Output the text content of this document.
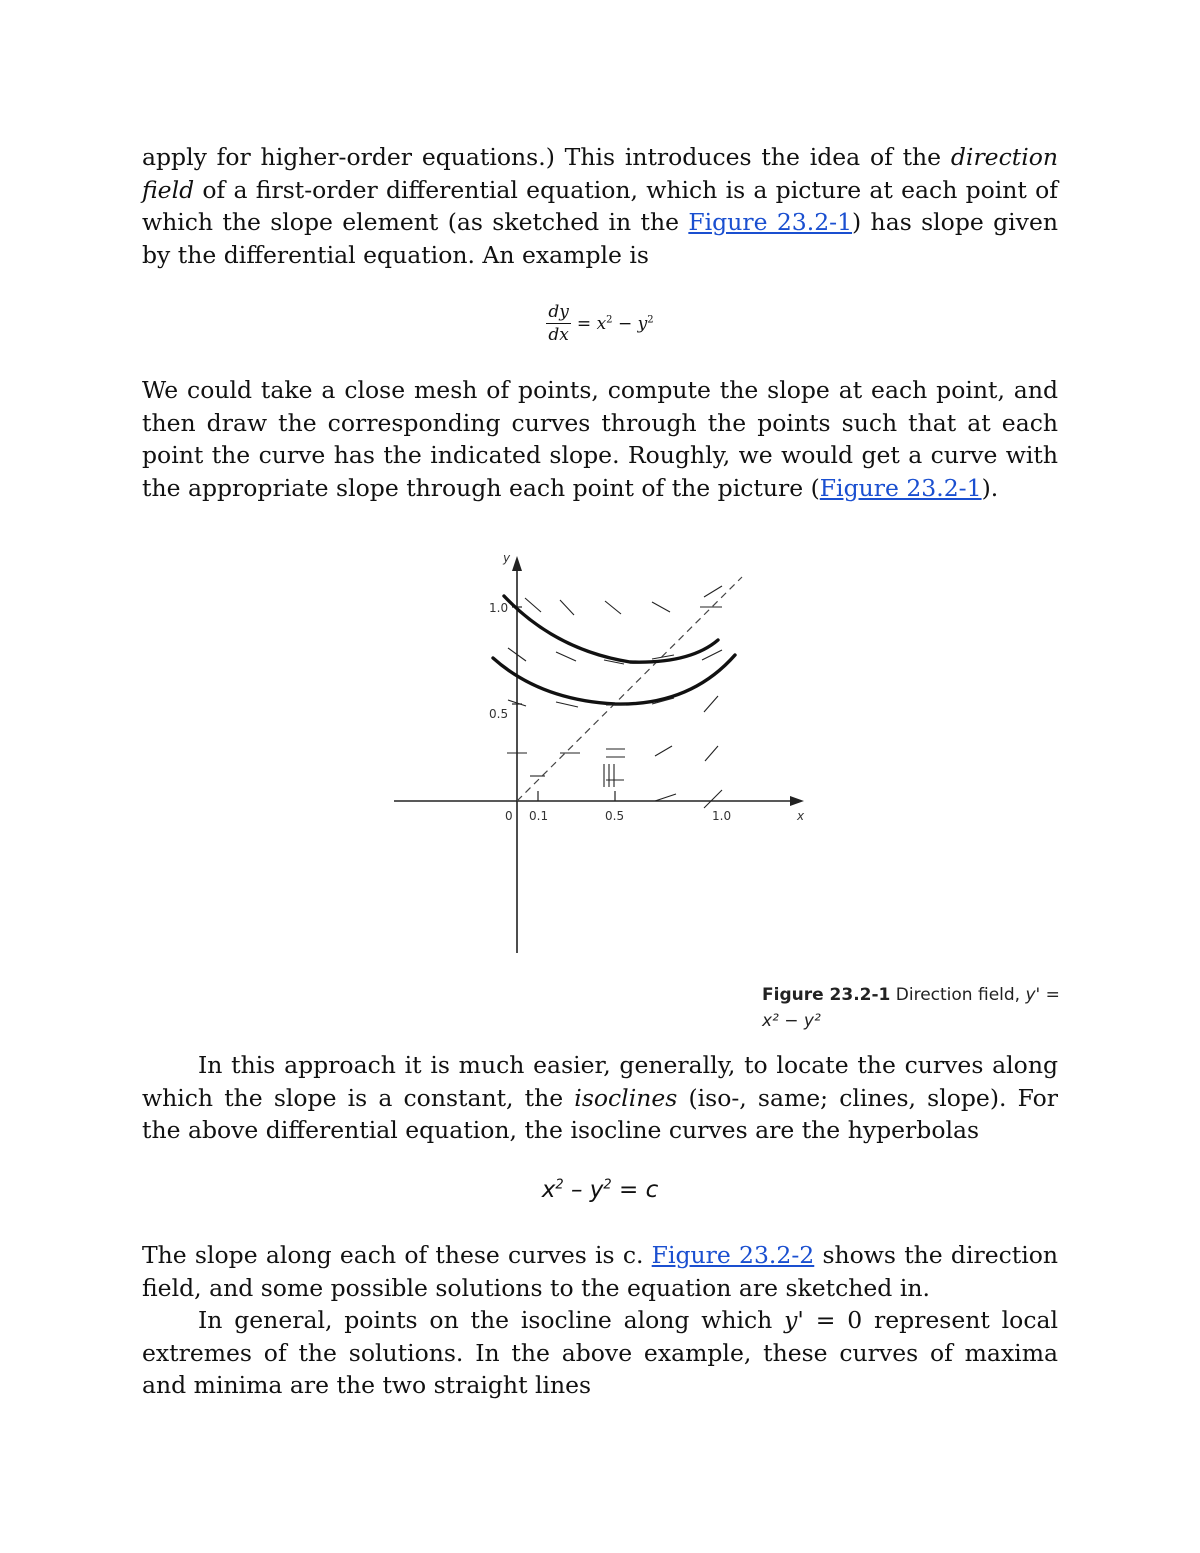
apply for higher-order equations.) This introduces the idea of the direction field of a first-order differential equation, which is a picture at each point of which the slope element (as sketched in the Figure 23.2-1) has slope given by the differential equation. An example is
$\frac{dy}{dx} = x^2 - y^2$
We could take a close mesh of points, compute the slope at each point, and then draw the corresponding curves through the points such that at each point the curve has the indicated slope. Roughly, we would get a curve with the appropriate slope through each point of the picture (Figure 23.2-1).
y
x
0 0.1	0.5	1.0
1.0
0.5
Figure 23.2-1 Direction field, y' = x² − y²
In this approach it is much easier, generally, to locate the curves along which the slope is a constant, the isoclines (iso-, same; clines, slope). For the above differential equation, the isocline curves are the hyperbolas
$x^2 - y^2 = c$
The slope along each of these curves is c. Figure 23.2-2 shows the direction field, and some possible solutions to the equation are sketched in.
In general, points on the isocline along which y' = 0 represent local extremes of the solutions. In the above example, these curves of maxima and minima are the two straight lines
